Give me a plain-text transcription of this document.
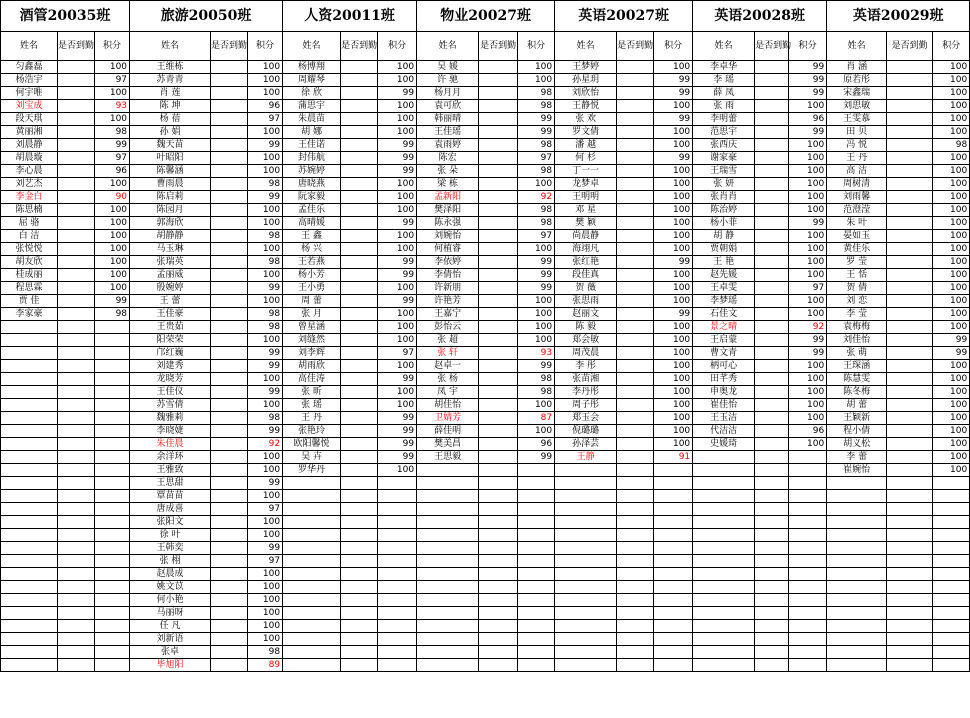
酒管20035班			旅游20050班			人资20011班			物业20027班			英语20027班			英语20028班			英语20029班		
姓名	是否到勤	积分	姓名	是否到勤	积分	姓名	是否到勤	积分	姓名	是否到勤	积分	姓名	是否到勤	积分	姓名	是否到勤	积分	姓名	是否到勤	积分
匀鑫磊		100	王维栋		100	杨博翔		100	吴 媛		100	王梦婷		100	李卓华		99	肖 涵		100
杨浩宇		97	苏青青		100	周耀琴		100	许 驰		100	孙星玥		99	李 瑶		99	原若彤		100
何宇唯		100	肖 莲		100	徐 欣		99	杨月月		98	刘欣怡		99	薛 凤		99	宋鑫瑞		100
刘宝成		93	陈 坤		96	蒲思宇		100	袁可欣		98	王静悦		100	张 雨		100	刘思敏		100
段天琪		100	杨 蓓		97	朱晨苗		100	韩丽晴		99	张 欢		99	李明蕾		96	王雯慕		100
黄丽湘		98	孙 娟		100	胡 娜		100	王佳瑶		99	罗文倩		100	范思宇		99	田 贝		100
刘晨静		99	魏天苗		99	王佳诺		99	袁雨婷		98	潘 越		100	张西庆		100	冯 悦		98
胡晨璇		97	叶昭阳		100	封伟航		99	陈宏		97	何 杉		99	谢家豪		100	王 丹		100
李心晨		96	陈馨涵		100	苏婉婷		99	张 朵		98	丁一一		100	王瑞雪		100	高 洁		100
刘艺杰		100	曹雨晨		98	唐晓燕		100	梁 栋		100	龙梦卓		100	张 妍		100	周树清		100
李金白		90	陈启莉		99	阮家毅		100	孟新阳		92	王明明		100	张肖肖		100	刘雨馨		100
陈思楠		100	陈园月		100	孟佳乐		100	樊泽阳		98	邓 星		100	陈治婷		100	范澄滢		100
屈 骆		100	郭海欣		100	高晴媛		99	陈永强		98	樊 颖		100	杨小菲		99	朱 叶		100
白 洁		100	胡静静		98	王 鑫		100	刘婉怡		97	尚晨静		100	胡 静		100	晏如玉		100
张悦悦		100	马玉琳		100	杨 兴		100	何植睿		100	海翊凡		100	贾朝娟		100	黄佳乐		100
胡友欣		100	张瑞英		98	王若燕		99	李依婷		99	张红艳		99	王 艳		100	罗 莹		100
桂成丽		100	孟丽威		100	杨小芳		99	李倩怡		99	段佳真		100	赵先媛		100	王 恬		100
程思霖		100	殷婉婷		99	王小勇		100	许新朋		99	贺 薇		100	王卓雯		97	贺 倩		100
贾 佳		99	王 蕾		100	周 蕾		99	许艳芳		100	张思雨		100	李梦瑶		100	刘 恋		100
李家豪		98	王佳豪		98	张 月		100	王嘉宁		100	赵丽文		99	石佳文		100	李 莹		100
			王贵茹		98	曾星涵		100	彭怡云		100	陈 毅		100	景之晴		92	袁梅梅		100
			阳荣荣		100	刘缝然		100	张 超		100	郑会敏		100	王启蒙		99	刘佳怡		99
			邝红巍		99	刘李辉		97	张 轩		93	周茂晨		100	曹文青		99	张 萌		99
			刘建秀		99	胡雨欣		100	赵卓一		99	李 彤		100	柄可心		100	王琛涵		100
			龙晓芳		100	高佳涛		99	张 杨		98	张苗湘		100	田芊秀		100	陈慧雯		100
			王佳仪		99	张 昕		100	凤 宇		98	李丹彤		100	申奥龙		100	陈冬梅		100
			苏雪倩		100	张 瑶		100	胡佳怡		100	周子彤		100	崔佳怡		100	胡 蕾		100
			魏雅莉		98	王 丹		99	卫婧芳		87	郑玉会		100	王玉洁		100	王颖新		100
			李晓婕		99	张艳玲		99	薛佳明		100	倪璐璐		100	代洁洁		96	程小倩		100
			朱佳晨		92	欧阳馨悦		99	樊美昌		96	孙泽芸		100	史媛琦		100	胡义松		100
			余洋环		100	吴 卉		99	王思毅		99	王静		91				李 蕾		100
			王雅致		100	罗华丹		100										崔婉怡		100
			王思甜		99															
			覃苗苗		100															
			唐成喜		97															
			张阳文		100															
			徐 叶		100															
			王韩奕		99															
			张 栩		97															
			赵晨成		100															
			姚文苡		100															
			何小艳		100															
			马丽呀		100															
			任 凡		100															
			刘新语		100															
			张卓		98															
			毕旭阳		89															
